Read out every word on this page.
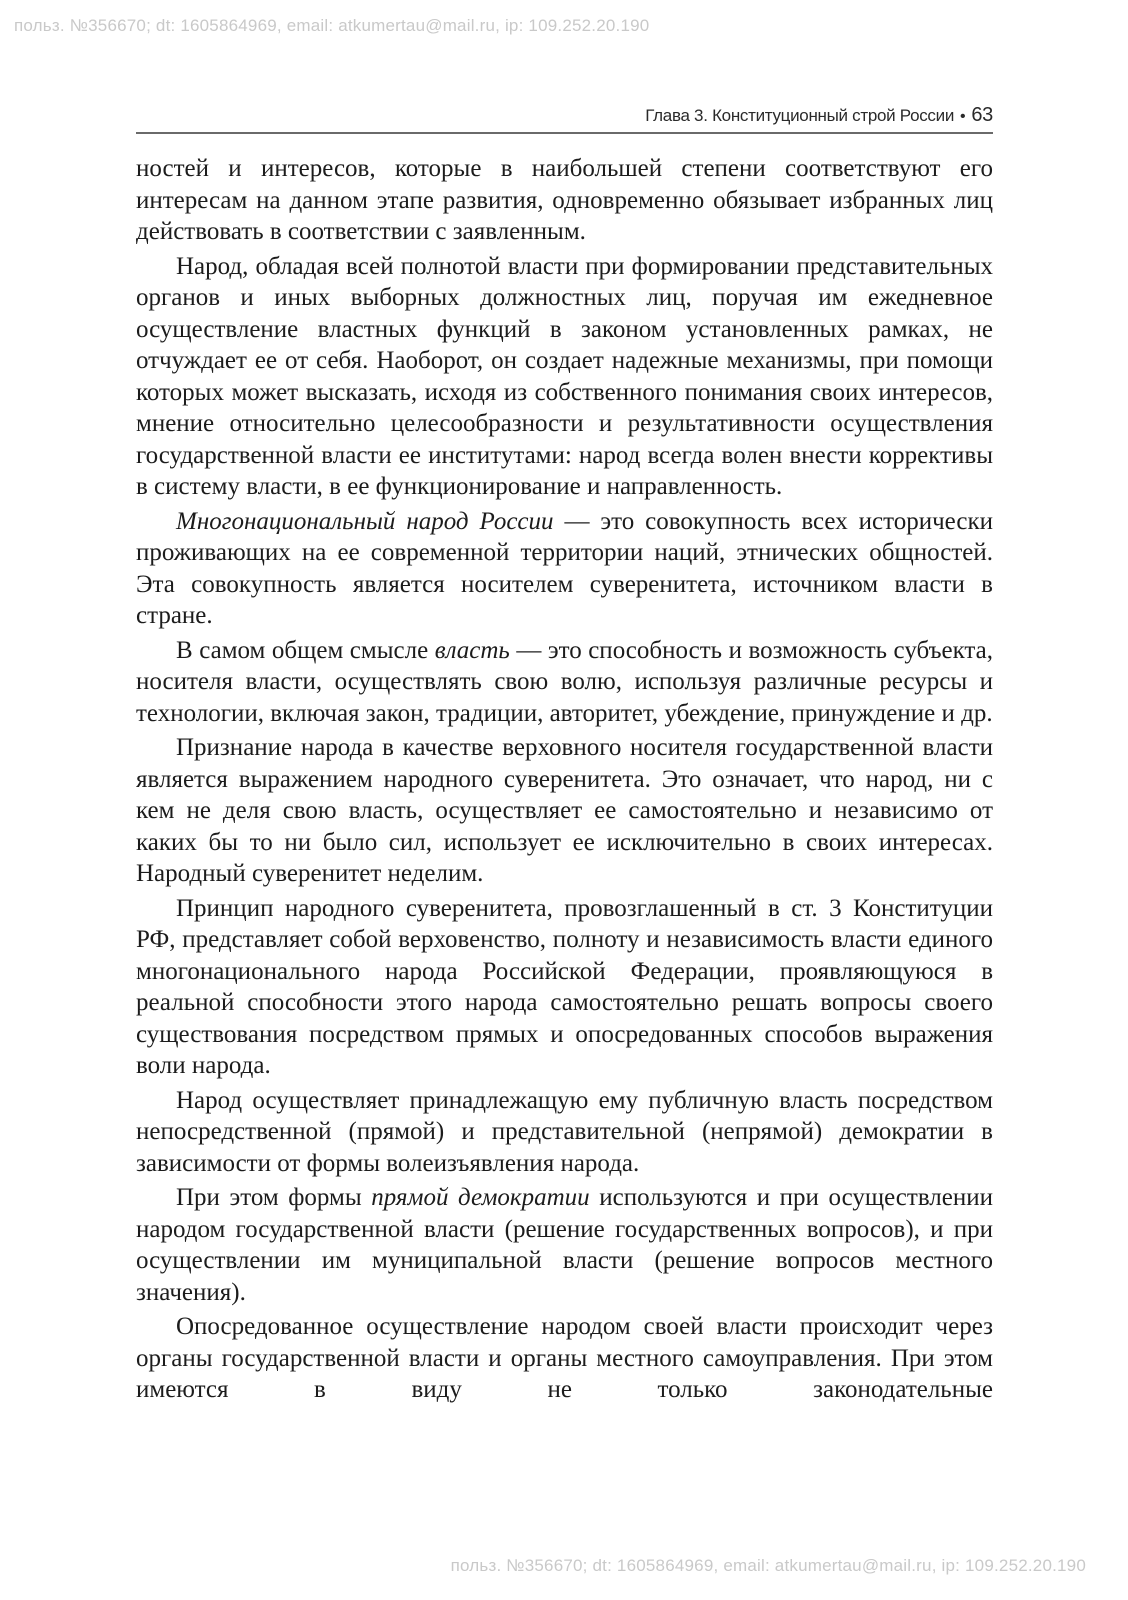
польз. №356670; dt: 1605864969, email: atkumertau@mail.ru, ip: 109.252.20.190
Глава 3. Конституционный строй России • 63

ностей и интересов, которые в наибольшей степени соответствуют его интересам на данном этапе развития, одновременно обязывает избранных лиц действовать в соответствии с заявленным.

Народ, обладая всей полнотой власти при формировании представительных органов и иных выборных должностных лиц, поручая им ежедневное осуществление властных функций в законом установленных рамках, не отчуждает ее от себя. Наоборот, он создает надежные механизмы, при помощи которых может высказать, исходя из собственного понимания своих интересов, мнение относительно целесообразности и результативности осуществления государственной власти ее институтами: народ всегда волен внести коррективы в систему власти, в ее функционирование и направленность.

Многонациональный народ России — это совокупность всех исторически проживающих на ее современной территории наций, этнических общностей. Эта совокупность является носителем суверенитета, источником власти в стране.

В самом общем смысле власть — это способность и возможность субъекта, носителя власти, осуществлять свою волю, используя различные ресурсы и технологии, включая закон, традиции, авторитет, убеждение, принуждение и др.

Признание народа в качестве верховного носителя государственной власти является выражением народного суверенитета. Это означает, что народ, ни с кем не деля свою власть, осуществляет ее самостоятельно и независимо от каких бы то ни было сил, использует ее исключительно в своих интересах. Народный суверенитет неделим.

Принцип народного суверенитета, провозглашенный в ст. 3 Конституции РФ, представляет собой верховенство, полноту и независимость власти единого многонационального народа Российской Федерации, проявляющуюся в реальной способности этого народа самостоятельно решать вопросы своего существования посредством прямых и опосредованных способов выражения воли народа.

Народ осуществляет принадлежащую ему публичную власть посредством непосредственной (прямой) и представительной (непрямой) демократии в зависимости от формы волеизъявления народа.

При этом формы прямой демократии используются и при осуществлении народом государственной власти (решение государственных вопросов), и при осуществлении им муниципальной власти (решение вопросов местного значения).

Опосредованное осуществление народом своей власти происходит через органы государственной власти и органы местного самоуправления. При этом имеются в виду не только законодательные

польз. №356670; dt: 1605864969, email: atkumertau@mail.ru, ip: 109.252.20.190
